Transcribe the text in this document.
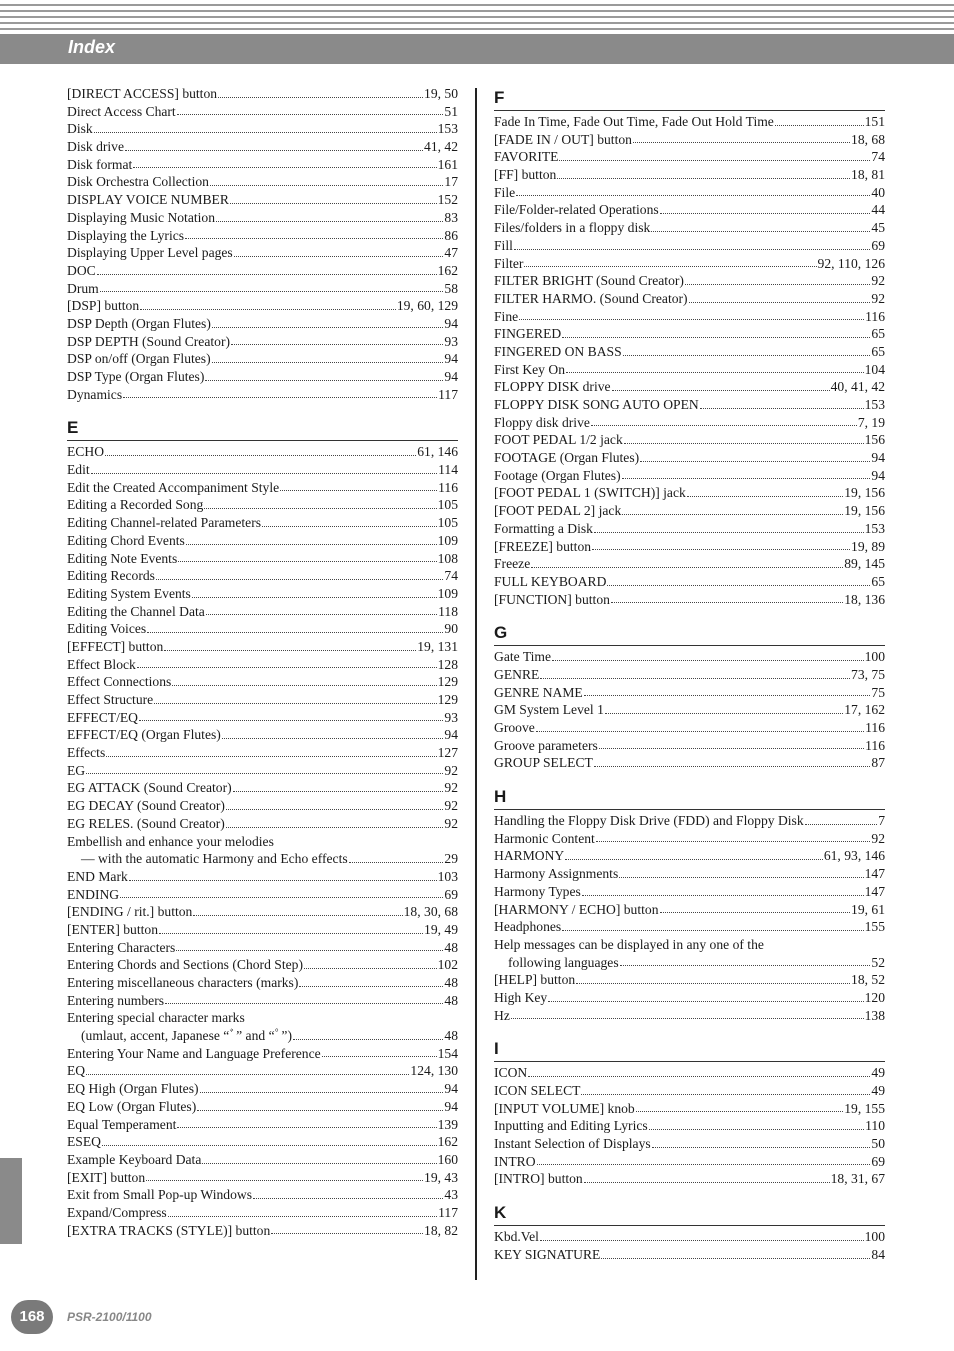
Index
[DIRECT ACCESS] button	19, 50
Direct Access Chart	51
Disk	153
Disk drive	41, 42
Disk format	161
Disk Orchestra Collection	17
DISPLAY VOICE NUMBER	152
Displaying Music Notation	83
Displaying the Lyrics	86
Displaying Upper Level pages	47
DOC	162
Drum	58
[DSP] button	19, 60, 129
DSP Depth (Organ Flutes)	94
DSP DEPTH (Sound Creator)	93
DSP on/off (Organ Flutes)	94
DSP Type (Organ Flutes)	94
Dynamics	117
E
ECHO	61, 146
Edit	114
Edit the Created Accompaniment Style	116
Editing a Recorded Song	105
Editing Channel-related Parameters	105
Editing Chord Events	109
Editing Note Events	108
Editing Records	74
Editing System Events	109
Editing the Channel Data	118
Editing Voices	90
[EFFECT] button	19, 131
Effect Block	128
Effect Connections	129
Effect Structure	129
EFFECT/EQ	93
EFFECT/EQ (Organ Flutes)	94
Effects	127
EG	92
EG ATTACK (Sound Creator)	92
EG DECAY (Sound Creator)	92
EG RELES. (Sound Creator)	92
Embellish and enhance your melodies
— with the automatic Harmony and Echo effects	29
END Mark	103
ENDING	69
[ENDING / rit.] button	18, 30, 68
[ENTER] button	19, 49
Entering Characters	48
Entering Chords and Sections (Chord Step)	102
Entering miscellaneous characters (marks)	48
Entering numbers	48
Entering special character marks
(umlaut, accent, Japanese “ﾞ” and “ﾟ”)	48
Entering Your Name and Language Preference	154
EQ	124, 130
EQ High (Organ Flutes)	94
EQ Low (Organ Flutes)	94
Equal Temperament	139
ESEQ	162
Example Keyboard Data	160
[EXIT] button	19, 43
Exit from Small Pop-up Windows	43
Expand/Compress	117
[EXTRA TRACKS (STYLE)] button	18, 82
F
Fade In Time, Fade Out Time, Fade Out Hold Time	151
[FADE IN / OUT] button	18, 68
FAVORITE	74
[FF] button	18, 81
File	40
File/Folder-related Operations	44
Files/folders in a floppy disk	45
Fill	69
Filter	92, 110, 126
FILTER BRIGHT (Sound Creator)	92
FILTER HARMO. (Sound Creator)	92
Fine	116
FINGERED	65
FINGERED ON BASS	65
First Key On	104
FLOPPY DISK drive	40, 41, 42
FLOPPY DISK SONG AUTO OPEN	153
Floppy disk drive	7, 19
FOOT PEDAL 1/2 jack	156
FOOTAGE (Organ Flutes)	94
Footage (Organ Flutes)	94
[FOOT PEDAL 1 (SWITCH)] jack	19, 156
[FOOT PEDAL 2] jack	19, 156
Formatting a Disk	153
[FREEZE] button	19, 89
Freeze	89, 145
FULL KEYBOARD	65
[FUNCTION] button	18, 136
G
Gate Time	100
GENRE	73, 75
GENRE NAME	75
GM System Level 1	17, 162
Groove	116
Groove parameters	116
GROUP SELECT	87
H
Handling the Floppy Disk Drive (FDD) and Floppy Disk	7
Harmonic Content	92
HARMONY	61, 93, 146
Harmony Assignments	147
Harmony Types	147
[HARMONY / ECHO] button	19, 61
Headphones	155
Help messages can be displayed in any one of the
following languages	52
[HELP] button	18, 52
High Key	120
Hz	138
I
ICON	49
ICON SELECT	49
[INPUT VOLUME] knob	19, 155
Inputting and Editing Lyrics	110
Instant Selection of Displays	50
INTRO	69
[INTRO] button	18, 31, 67
K
Kbd.Vel	100
KEY SIGNATURE	84
168	PSR-2100/1100
